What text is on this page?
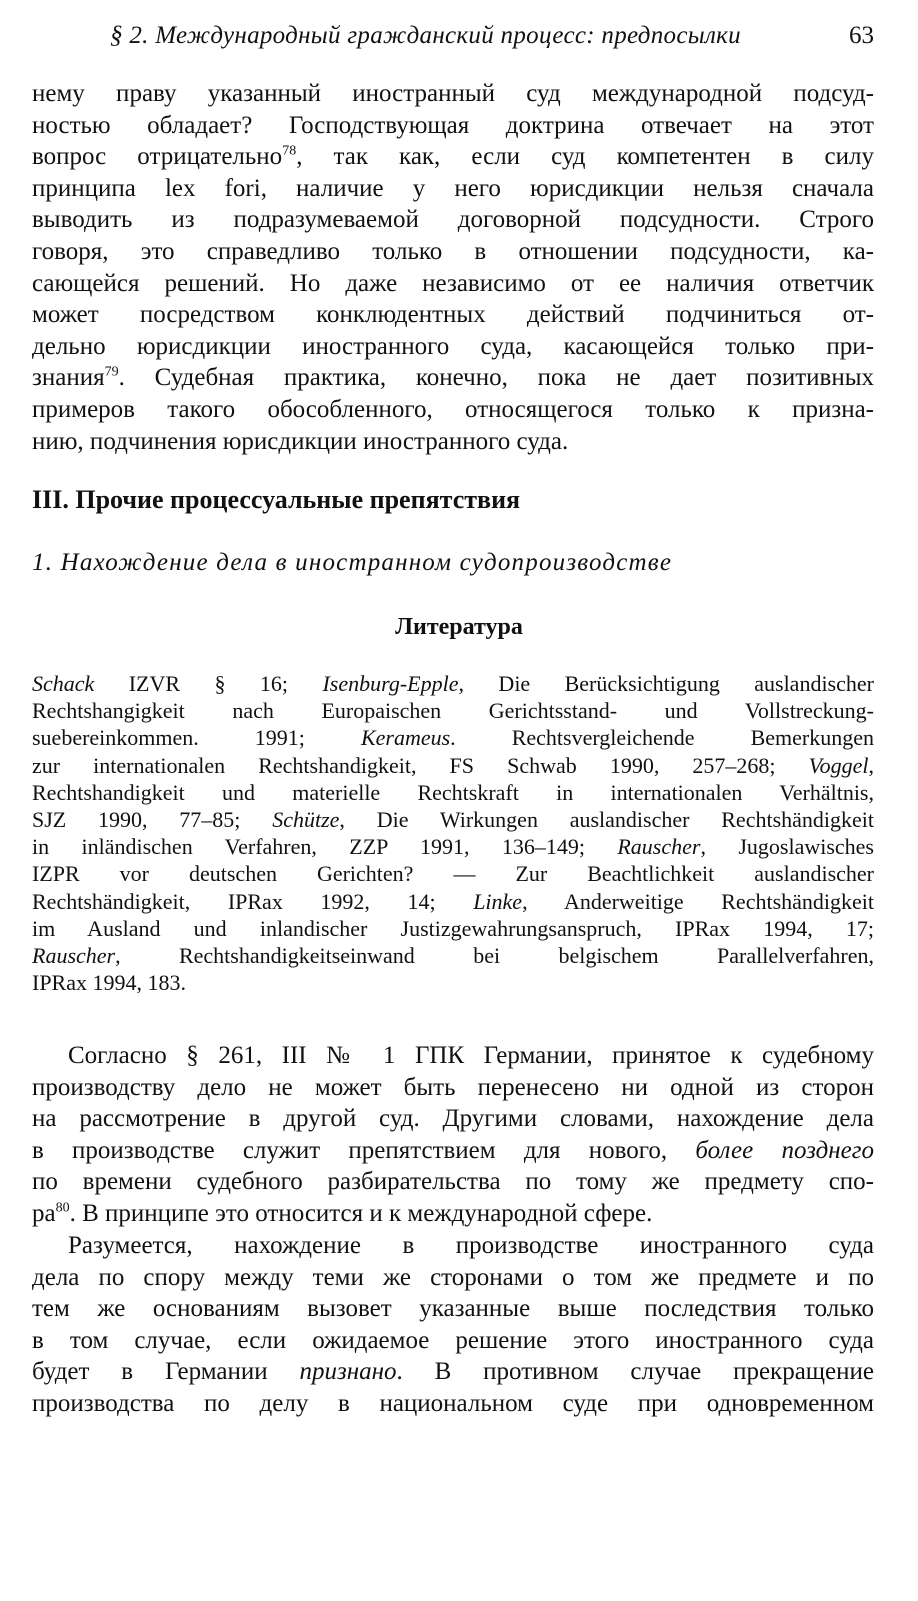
§ 2. Международный гражданский процесс: предпосылки	63
нему праву указанный иностранный суд международной подсуд-
ностью обладает? Господствующая доктрина отвечает на этот
вопрос отрицательно$^{78}$, так как, если суд компетентен в силу
принципа lex fori, наличие у него юрисдикции нельзя сначала
выводить из подразумеваемой договорной подсудности. Строго
говоря, это справедливо только в отношении подсудности, ка-
сающейся решений. Но даже независимо от ее наличия ответчик
может посредством конклюдентных действий подчиниться от-
дельно юрисдикции иностранного суда, касающейся только при-
знания$^{79}$. Судебная практика, конечно, пока не дает позитивных
примеров такого обособленного, относящегося только к призна-
нию, подчинения юрисдикции иностранного суда.
III. Прочие процессуальные препятствия
1. Нахождение дела в иностранном судопроизводстве
Литература
Schack IZVR § 16; Isenburg-Epple, Die Berücksichtigung auslandischer
Rechtshangigkeit nach Europaischen Gerichtsstand- und Vollstreckung-
suebereinkommen. 1991; Kerameus. Rechtsvergleichende Bemerkungen
zur internationalen Rechtshandigkeit, FS Schwab 1990, 257–268; Voggel,
Rechtshandigkeit und materielle Rechtskraft in internationalen Verhältnis,
SJZ 1990, 77–85; Schütze, Die Wirkungen auslandischer Rechtshändigkeit
in inländischen Verfahren, ZZP 1991, 136–149; Rauscher, Jugoslawisches
IZPR vor deutschen Gerichten? — Zur Beachtlichkeit auslandischer
Rechtshändigkeit, IPRax 1992, 14; Linke, Anderweitige Rechtshändigkeit
im Ausland und inlandischer Justizgewahrungsanspruch, IPRax 1994, 17;
Rauscher, Rechtshandigkeitseinwand bei belgischem Parallelverfahren,
IPRax 1994, 183.
Согласно § 261, III № 1 ГПК Германии, принятое к судебному
производству дело не может быть перенесено ни одной из сторон
на рассмотрение в другой суд. Другими словами, нахождение дела
в производстве служит препятствием для нового, более позднего
по времени судебного разбирательства по тому же предмету спо-
$ра^{80}$. В принципе это относится и к международной сфере.
Разумеется, нахождение в производстве иностранного суда
дела по спору между теми же сторонами о том же предмете и по
тем же основаниям вызовет указанные выше последствия только
в том случае, если ожидаемое решение этого иностранного суда
будет в Германии признано. В противном случае прекращение
производства по делу в национальном суде при одновременном
